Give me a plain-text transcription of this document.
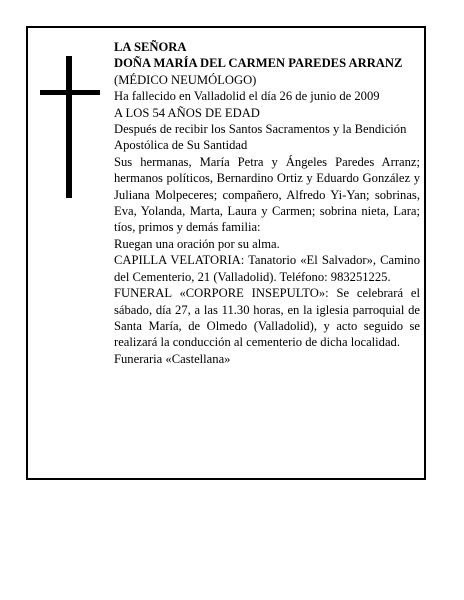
LA SEÑORA
DOÑA MARÍA DEL CARMEN PAREDES ARRANZ
(MÉDICO NEUMÓLOGO)
Ha fallecido en Valladolid el día 26 de junio de 2009
A LOS 54 AÑOS DE EDAD
Después de recibir los Santos Sacramentos y la Bendición Apostólica de Su Santidad
Sus hermanas, María Petra y Ángeles Paredes Arranz; hermanos políticos, Bernardino Ortiz y Eduardo González y Juliana Molpeceres; compañero, Alfredo Yi-Yan; sobrinas, Eva, Yolanda, Marta, Laura y Carmen; sobrina nieta, Lara; tíos, primos y demás familia:
Ruegan una oración por su alma.
CAPILLA VELATORIA: Tanatorio «El Salvador», Camino del Cementerio, 21 (Valladolid). Teléfono: 983251225.
FUNERAL «CORPORE INSEPULTO»: Se celebrará el sábado, día 27, a las 11.30 horas, en la iglesia parroquial de Santa María, de Olmedo (Valladolid), y acto seguido se realizará la conducción al cementerio de dicha localidad.
Funeraria «Castellana»
